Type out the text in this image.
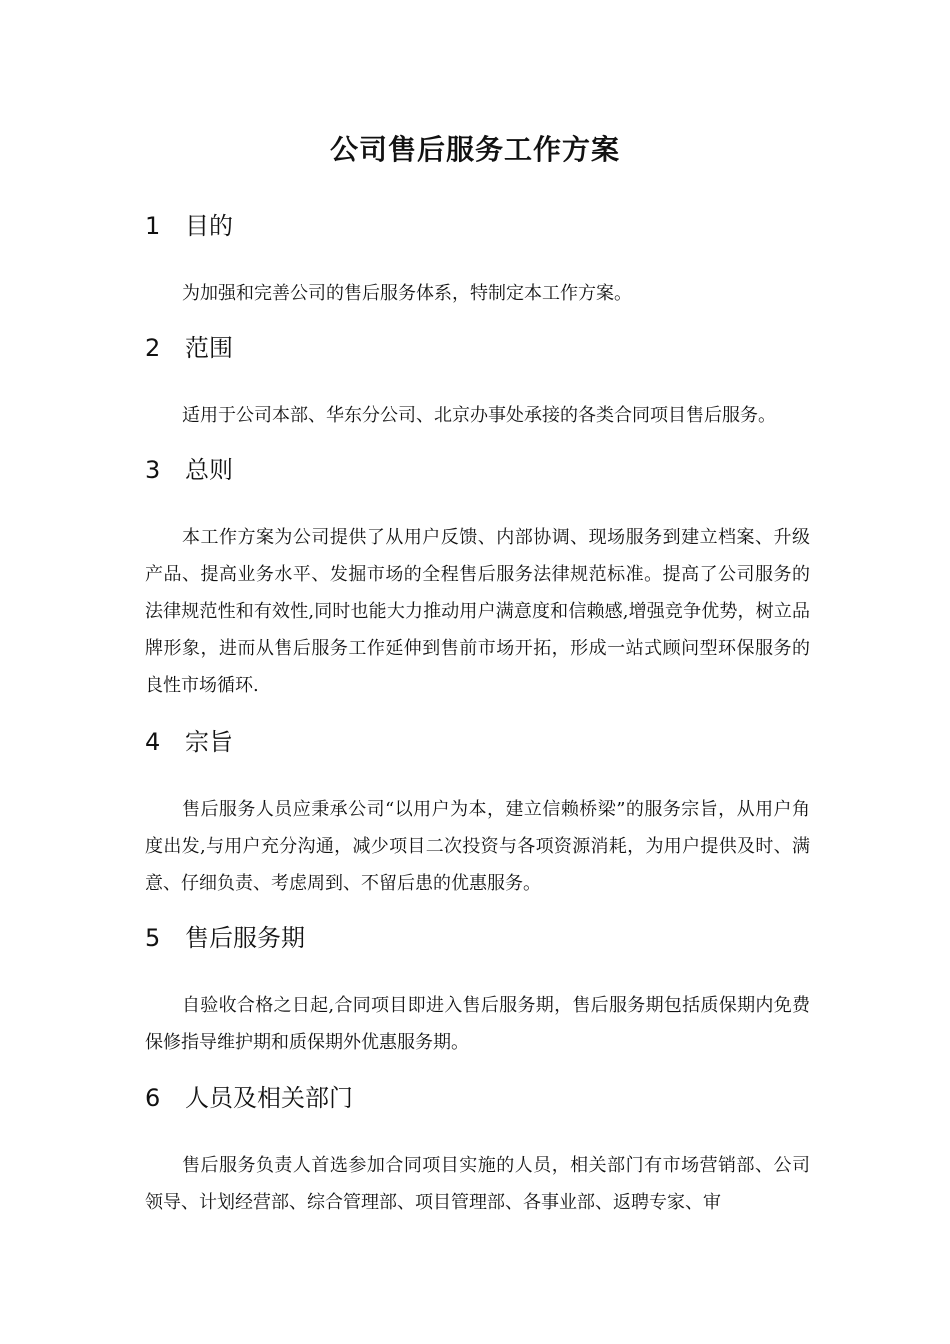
公司售后服务工作方案
1 目的
为加强和完善公司的售后服务体系，特制定本工作方案。
2 范围
适用于公司本部、华东分公司、北京办事处承接的各类合同项目售后服务。
3 总则
本工作方案为公司提供了从用户反馈、内部协调、现场服务到建立档案、升级产品、提高业务水平、发掘市场的全程售后服务法律规范标准。提高了公司服务的法律规范性和有效性,同时也能大力推动用户满意度和信赖感,增强竞争优势，树立品牌形象，进而从售后服务工作延伸到售前市场开拓，形成一站式顾问型环保服务的良性市场循环.
4 宗旨
售后服务人员应秉承公司“以用户为本，建立信赖桥梁”的服务宗旨，从用户角度出发,与用户充分沟通，减少项目二次投资与各项资源消耗，为用户提供及时、满意、仔细负责、考虑周到、不留后患的优惠服务。
5 售后服务期
自验收合格之日起,合同项目即进入售后服务期，售后服务期包括质保期内免费保修指导维护期和质保期外优惠服务期。
6 人员及相关部门
售后服务负责人首选参加合同项目实施的人员，相关部门有市场营销部、公司领导、计划经营部、综合管理部、项目管理部、各事业部、返聘专家、审
